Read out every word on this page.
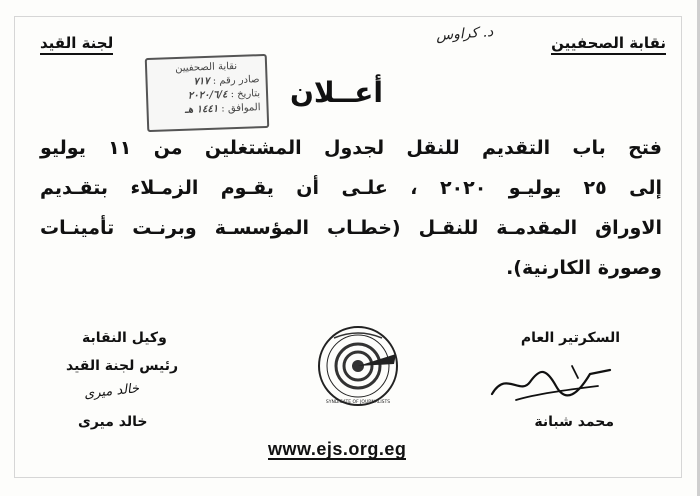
لجنة القيد	نقابة الصحفيين
د. كراوس
نقابة الصحفيين
صادر رقم : ٧١٧
بتاريخ : ٢٠٢٠/٦/٤
الموافق : ١٤٤١ هـ
أعــلان

فتح باب التقديم للنقل لجدول المشتغلين من ١١ يوليو

إلى ٢٥ يوليـو ٢٠٢٠ ، علـى أن يقـوم الزمـلاء بتقـديم

الاوراق المقدمـة للنقـل (خطـاب المؤسسـة وبرنـت تأمينـات

وصورة الكارنية).

السكرتير العام
محمد شبانة
وكيل النقابة
رئيس لجنة القيد
خالد ميرى
خالد ميرى
SYNDICATE OF JOURNALISTS
www.ejs.org.eg
